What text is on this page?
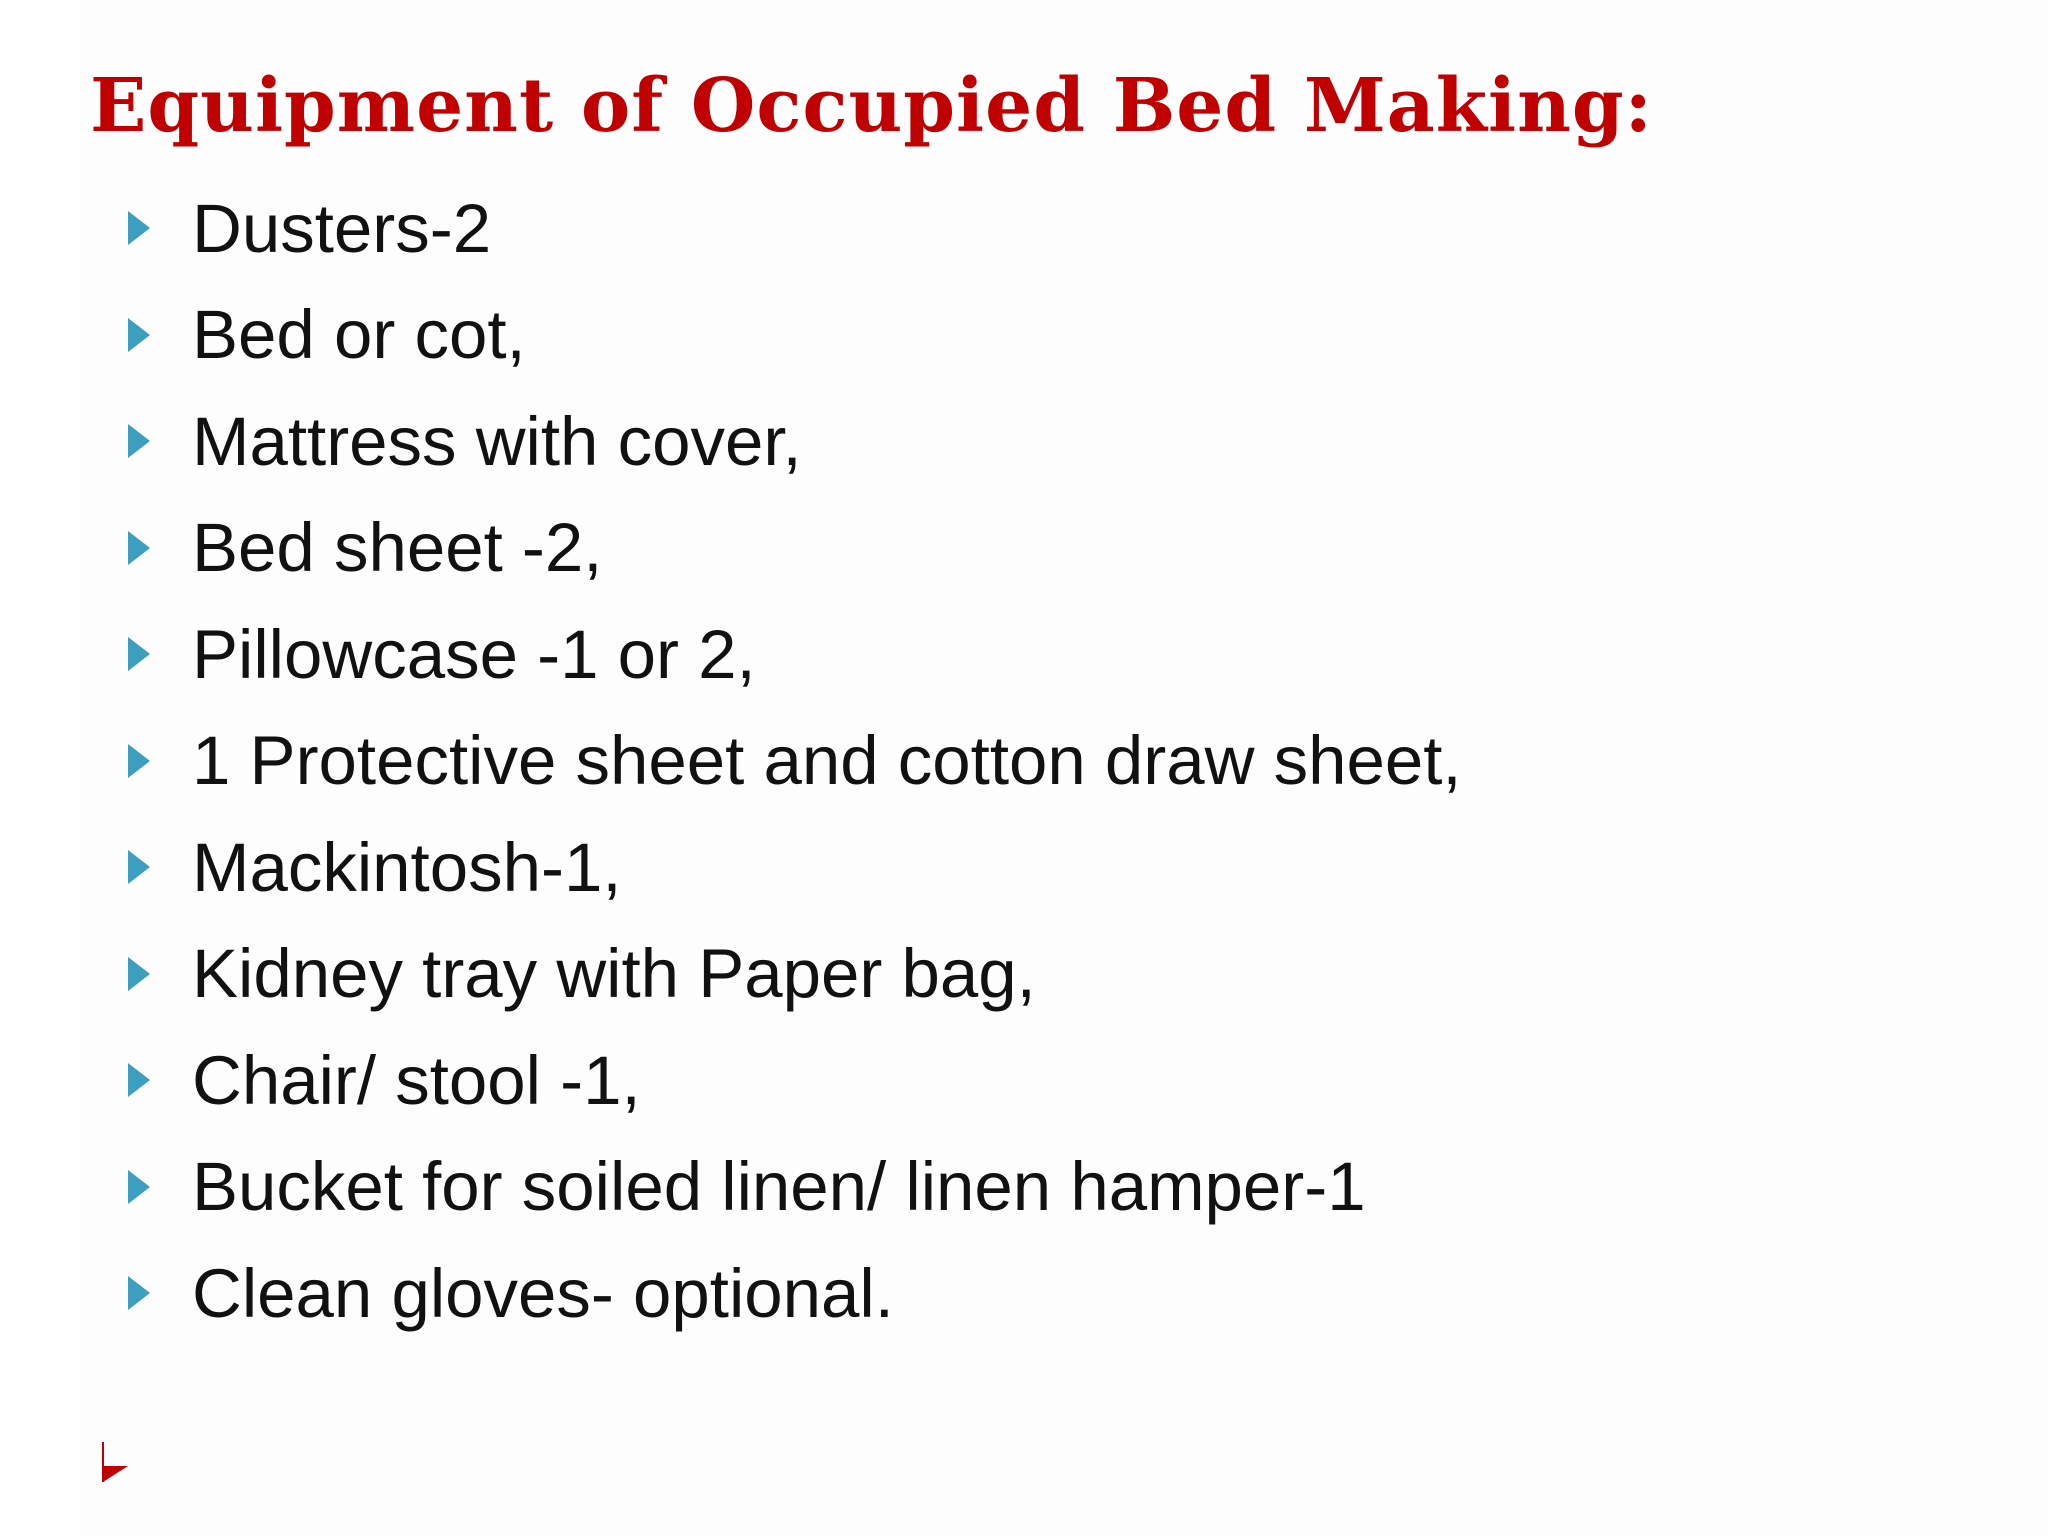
Equipment of Occupied Bed Making:
Dusters-2
Bed or cot,
Mattress with cover,
Bed sheet -2,
Pillowcase -1 or 2,
1 Protective sheet and cotton draw sheet,
Mackintosh-1,
Kidney tray with Paper bag,
Chair/ stool -1,
Bucket for soiled linen/ linen hamper-1
Clean gloves- optional.
